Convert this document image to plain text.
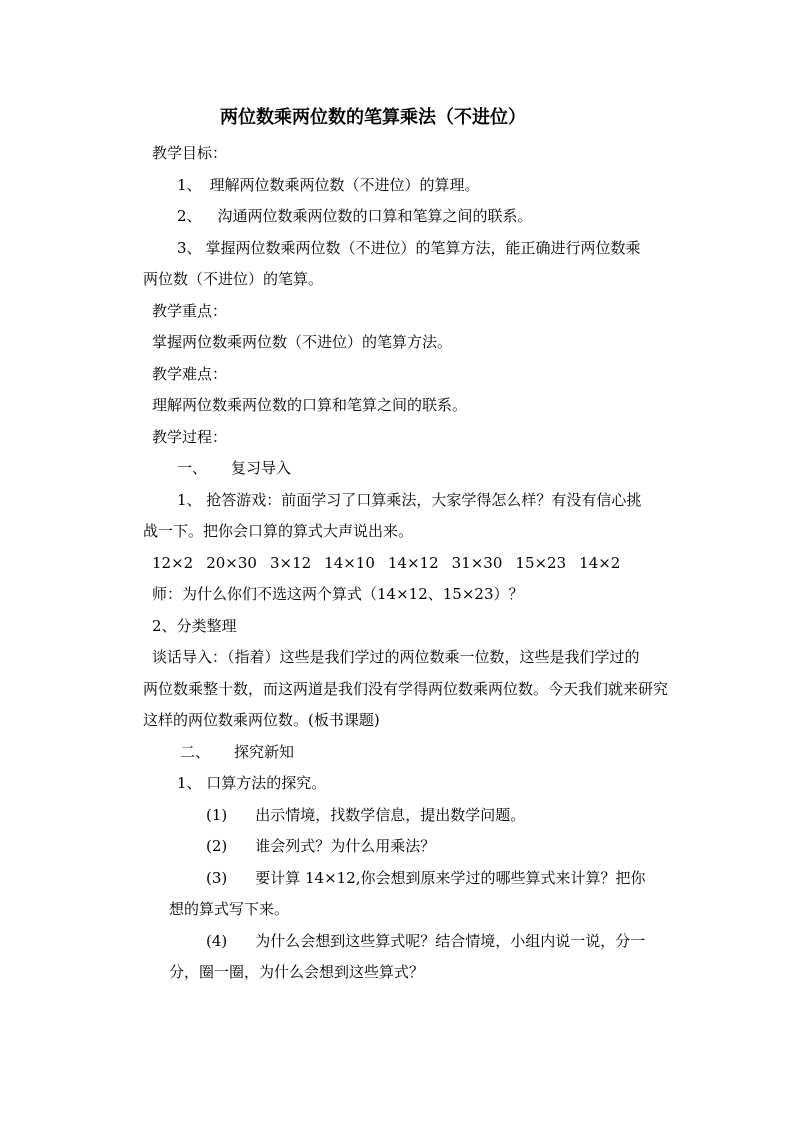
两位数乘两位数的笔算乘法（不进位）
教学目标：
1、 理解两位数乘两位数（不进位）的算理。
2、 沟通两位数乘两位数的口算和笔算之间的联系。
3、 掌握两位数乘两位数（不进位）的笔算方法，能正确进行两位数乘
两位数（不进位）的笔算。
教学重点：
掌握两位数乘两位数（不进位）的笔算方法。
教学难点：
理解两位数乘两位数的口算和笔算之间的联系。
教学过程：
一、 复习导入
1、 抢答游戏：前面学习了口算乘法，大家学得怎么样？有没有信心挑
战一下。把你会口算的算式大声说出来。
12×2 20×30 3×12 14×10 14×12 31×30 15×23 14×2
师：为什么你们不选这两个算式（14×12、15×23）？
2、分类整理
谈话导入：（指着）这些是我们学过的两位数乘一位数，这些是我们学过的
两位数乘整十数，而这两道是我们没有学得两位数乘两位数。今天我们就来研究
这样的两位数乘两位数。(板书课题)
二、 探究新知
1、 口算方法的探究。
(1) 出示情境，找数学信息，提出数学问题。
(2) 谁会列式？为什么用乘法？
(3) 要计算 14×12,你会想到原来学过的哪些算式来计算？把你
想的算式写下来。
(4) 为什么会想到这些算式呢？结合情境，小组内说一说，分一
分，圈一圈，为什么会想到这些算式？
